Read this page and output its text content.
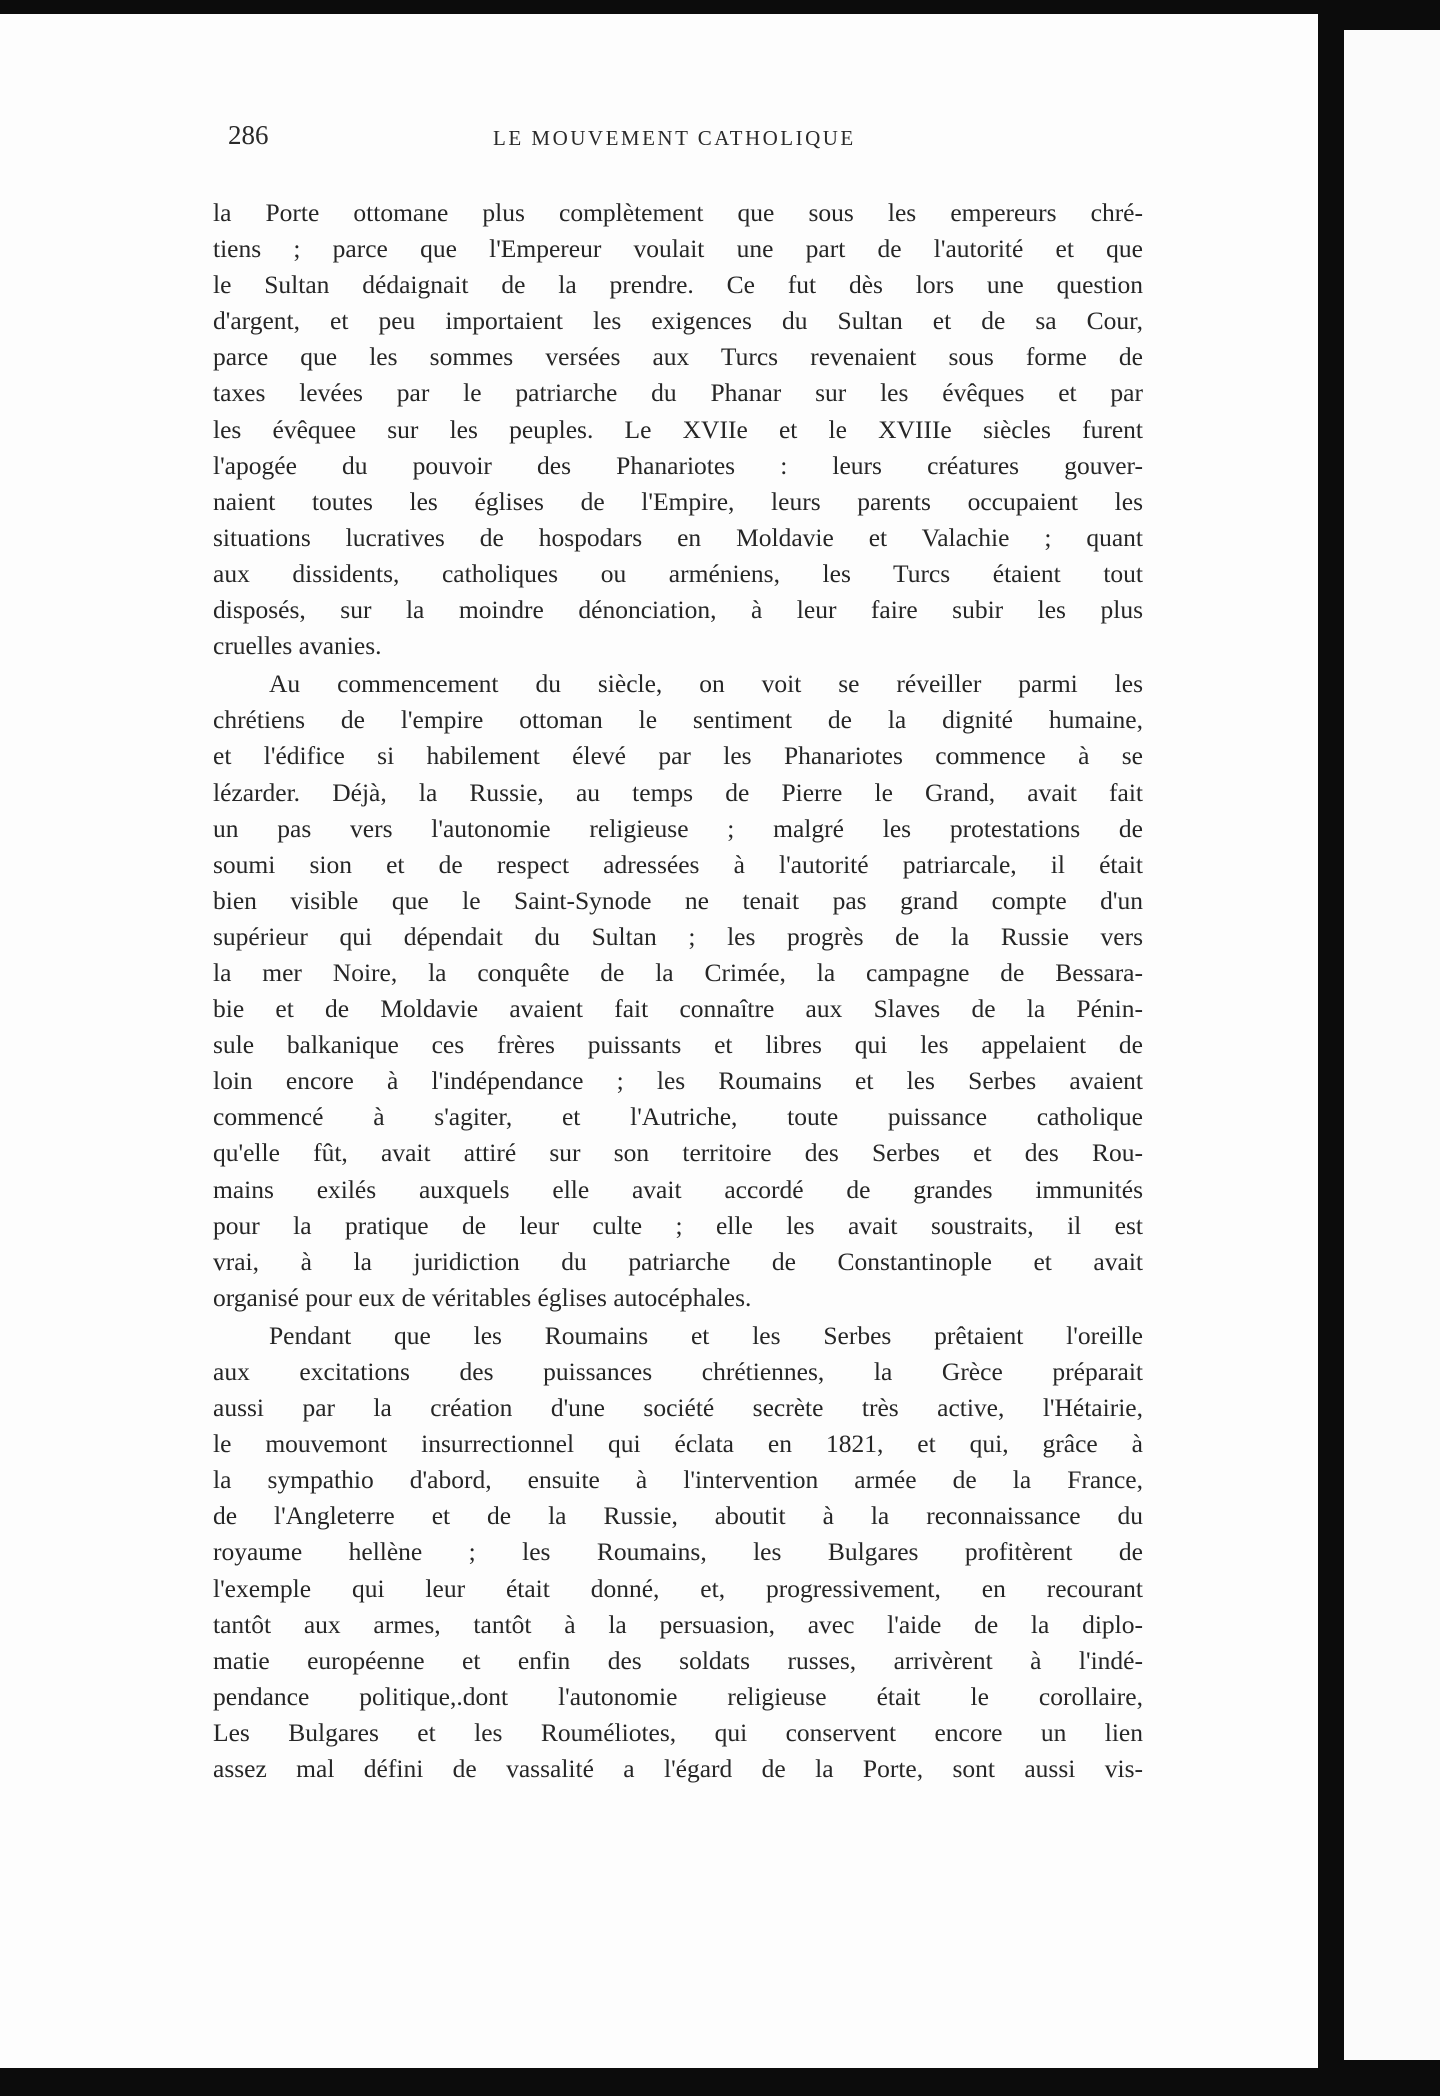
286	LE MOUVEMENT CATHOLIQUE

la Porte ottomane plus complètement que sous les empereurs chré-

tiens ; parce que l'Empereur voulait une part de l'autorité et que

le Sultan dédaignait de la prendre. Ce fut dès lors une question

d'argent, et peu importaient les exigences du Sultan et de sa Cour,

parce que les sommes versées aux Turcs revenaient sous forme de

taxes levées par le patriarche du Phanar sur les évêques et par

les évêquee sur les peuples. Le XVIIe et le XVIIIe siècles furent

l'apogée du pouvoir des Phanariotes : leurs créatures gouver-

naient toutes les églises de l'Empire, leurs parents occupaient les

situations lucratives de hospodars en Moldavie et Valachie ; quant

aux dissidents, catholiques ou arméniens, les Turcs étaient tout

disposés, sur la moindre dénonciation, à leur faire subir les plus

cruelles avanies.

Au commencement du siècle, on voit se réveiller parmi les

chrétiens de l'empire ottoman le sentiment de la dignité humaine,

et l'édifice si habilement élevé par les Phanariotes commence à se

lézarder. Déjà, la Russie, au temps de Pierre le Grand, avait fait

un pas vers l'autonomie religieuse ; malgré les protestations de

soumi sion et de respect adressées à l'autorité patriarcale, il était

bien visible que le Saint-Synode ne tenait pas grand compte d'un

supérieur qui dépendait du Sultan ; les progrès de la Russie vers

la mer Noire, la conquête de la Crimée, la campagne de Bessara-

bie et de Moldavie avaient fait connaître aux Slaves de la Pénin-

sule balkanique ces frères puissants et libres qui les appelaient de

loin encore à l'indépendance ; les Roumains et les Serbes avaient

commencé à s'agiter, et l'Autriche, toute puissance catholique

qu'elle fût, avait attiré sur son territoire des Serbes et des Rou-

mains exilés auxquels elle avait accordé de grandes immunités

pour la pratique de leur culte ; elle les avait soustraits, il est

vrai, à la juridiction du patriarche de Constantinople et avait

organisé pour eux de véritables églises autocéphales.

Pendant que les Roumains et les Serbes prêtaient l'oreille

aux excitations des puissances chrétiennes, la Grèce préparait

aussi par la création d'une société secrète très active, l'Hétairie,

le mouvemont insurrectionnel qui éclata en 1821, et qui, grâce à

la sympathio d'abord, ensuite à l'intervention armée de la France,

de l'Angleterre et de la Russie, aboutit à la reconnaissance du

royaume hellène ; les Roumains, les Bulgares profitèrent de

l'exemple qui leur était donné, et, progressivement, en recourant

tantôt aux armes, tantôt à la persuasion, avec l'aide de la diplo-

matie européenne et enfin des soldats russes, arrivèrent à l'indé-

pendance politique,.dont l'autonomie religieuse était le corollaire,

Les Bulgares et les Rouméliotes, qui conservent encore un lien

assez mal défini de vassalité a l'égard de la Porte, sont aussi vis-
